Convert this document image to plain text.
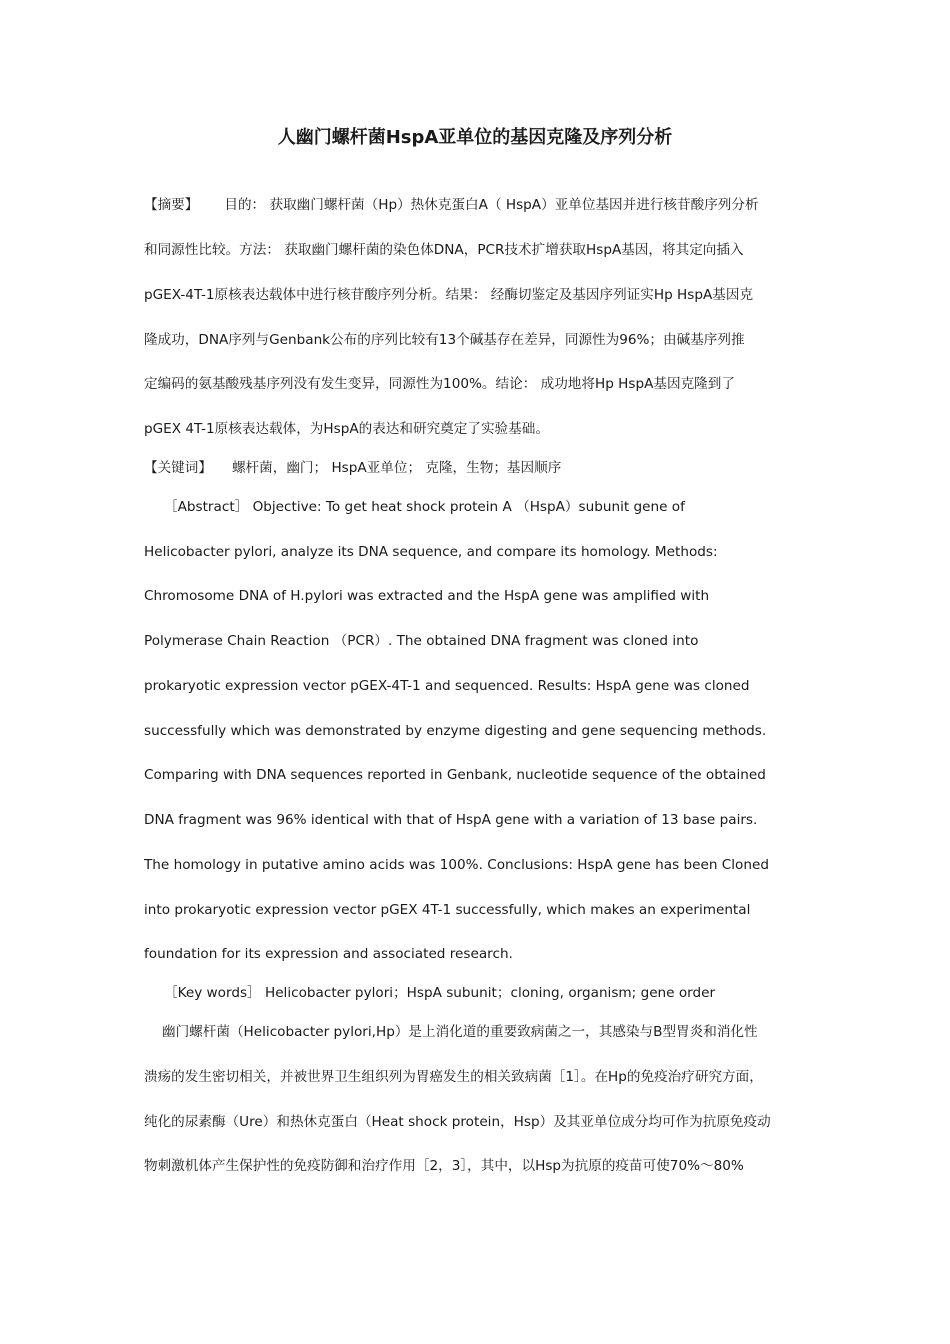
人幽门螺杆菌HspA亚单位的基因克隆及序列分析
【摘要】 目的： 获取幽门螺杆菌（Hp）热休克蛋白A（ HspA）亚单位基因并进行核苷酸序列分析
和同源性比较。方法： 获取幽门螺杆菌的染色体DNA，PCR技术扩增获取HspA基因，将其定向插入
pGEX-4T-1原核表达载体中进行核苷酸序列分析。结果： 经酶切鉴定及基因序列证实Hp HspA基因克
隆成功，DNA序列与Genbank公布的序列比较有13个碱基存在差异，同源性为96%；由碱基序列推
定编码的氨基酸残基序列没有发生变异，同源性为100%。结论： 成功地将Hp HspA基因克隆到了
pGEX 4T-1原核表达载体，为HspA的表达和研究奠定了实验基础。
【关键词】 螺杆菌，幽门； HspA亚单位； 克隆，生物；基因顺序
［Abstract］ Objective: To get heat shock protein A （HspA）subunit gene of
Helicobacter pylori, analyze its DNA sequence, and compare its homology. Methods:
Chromosome DNA of H.pylori was extracted and the HspA gene was amplified with
Polymerase Chain Reaction （PCR）. The obtained DNA fragment was cloned into
prokaryotic expression vector pGEX-4T-1 and sequenced. Results: HspA gene was cloned
successfully which was demonstrated by enzyme digesting and gene sequencing methods.
Comparing with DNA sequences reported in Genbank, nucleotide sequence of the obtained
DNA fragment was 96% identical with that of HspA gene with a variation of 13 base pairs.
The homology in putative amino acids was 100%. Conclusions: HspA gene has been Cloned
into prokaryotic expression vector pGEX 4T-1 successfully, which makes an experimental
foundation for its expression and associated research.
［Key words］ Helicobacter pylori；HspA subunit；cloning, organism; gene order
幽门螺杆菌（Helicobacter pylori,Hp）是上消化道的重要致病菌之一，其感染与B型胃炎和消化性
溃疡的发生密切相关，并被世界卫生组织列为胃癌发生的相关致病菌［1］。在Hp的免疫治疗研究方面，
纯化的尿素酶（Ure）和热休克蛋白（Heat shock protein，Hsp）及其亚单位成分均可作为抗原免疫动
物刺激机体产生保护性的免疫防御和治疗作用［2，3］，其中，以Hsp为抗原的疫苗可使70%～80%
